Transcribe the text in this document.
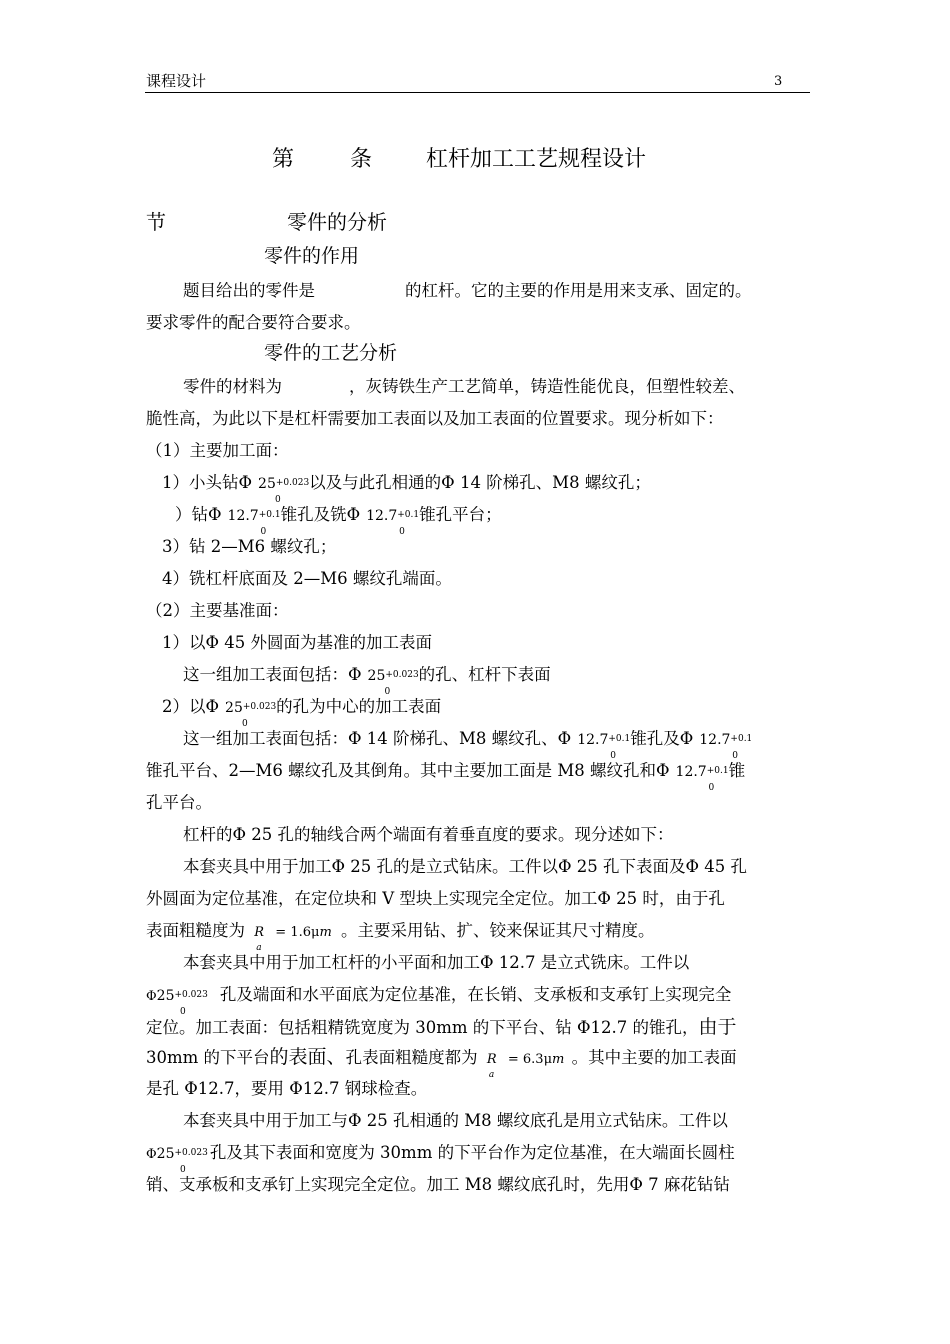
课程设计	3
第	条 杠杆加工工艺规程设计
节	零件的分析
零件的作用
题目给出的零件是	的杠杆。它的主要的作用是用来支承、固定的。
要求零件的配合要符合要求。
零件的工艺分析
零件的材料为	，灰铸铁生产工艺简单，铸造性能优良，但塑性较差、
脆性高，为此以下是杠杆需要加工表面以及加工表面的位置要求。现分析如下：
（1）主要加工面：
1）小头钻Φ 25+0.023
0
以及与此孔相通的Φ 14 阶梯孔、M8 螺纹孔；
）钻Φ 12.7+0.1
0
锥孔及铣Φ 12.7+0.1
0
锥孔平台；
3）钻 2—M6 螺纹孔；
4）铣杠杆底面及 2—M6 螺纹孔端面。
（2）主要基准面：
1）以Φ 45 外圆面为基准的加工表面
这一组加工表面包括：Φ 25+0.023
0
的孔、杠杆下表面
2）以Φ 25+0.023
0
的孔为中心的加工表面
这一组加工表面包括：Φ 14 阶梯孔、M8 螺纹孔、Φ 12.7+0.1
0
锥孔及Φ 12.7+0.1
0
锥孔平台、2—M6 螺纹孔及其倒角。其中主要加工面是 M8 螺纹孔和Φ 12.7+0.1
0
锥
孔平台。
杠杆的Φ 25 孔的轴线合两个端面有着垂直度的要求。现分述如下：
本套夹具中用于加工Φ 25 孔的是立式钻床。工件以Φ 25 孔下表面及Φ 45 孔
外圆面为定位基准，在定位块和 V 型块上实现完全定位。加工Φ 25 时，由于孔
表面粗糙度为 R
a
= 1.6μm 。主要采用钻、扩、铰来保证其尺寸精度。
本套夹具中用于加工杠杆的小平面和加工Φ 12.7 是立式铣床。工件以
Φ25+0.023
0
孔及端面和水平面底为定位基准，在长销、支承板和支承钉上实现完全
定位。加工表面：包括粗精铣宽度为 30mm 的下平台、钻 Φ12.7 的锥孔，由于
30mm 的下平台的表面、孔表面粗糙度都为 R
a
= 6.3μm 。其中主要的加工表面
是孔 Φ12.7，要用 Φ12.7 钢球检查。
本套夹具中用于加工与Φ 25 孔相通的 M8 螺纹底孔是用立式钻床。工件以
Φ25+0.023
0
孔及其下表面和宽度为 30mm 的下平台作为定位基准，在大端面长圆柱
销、支承板和支承钉上实现完全定位。加工 M8 螺纹底孔时，先用Φ 7 麻花钻钻
